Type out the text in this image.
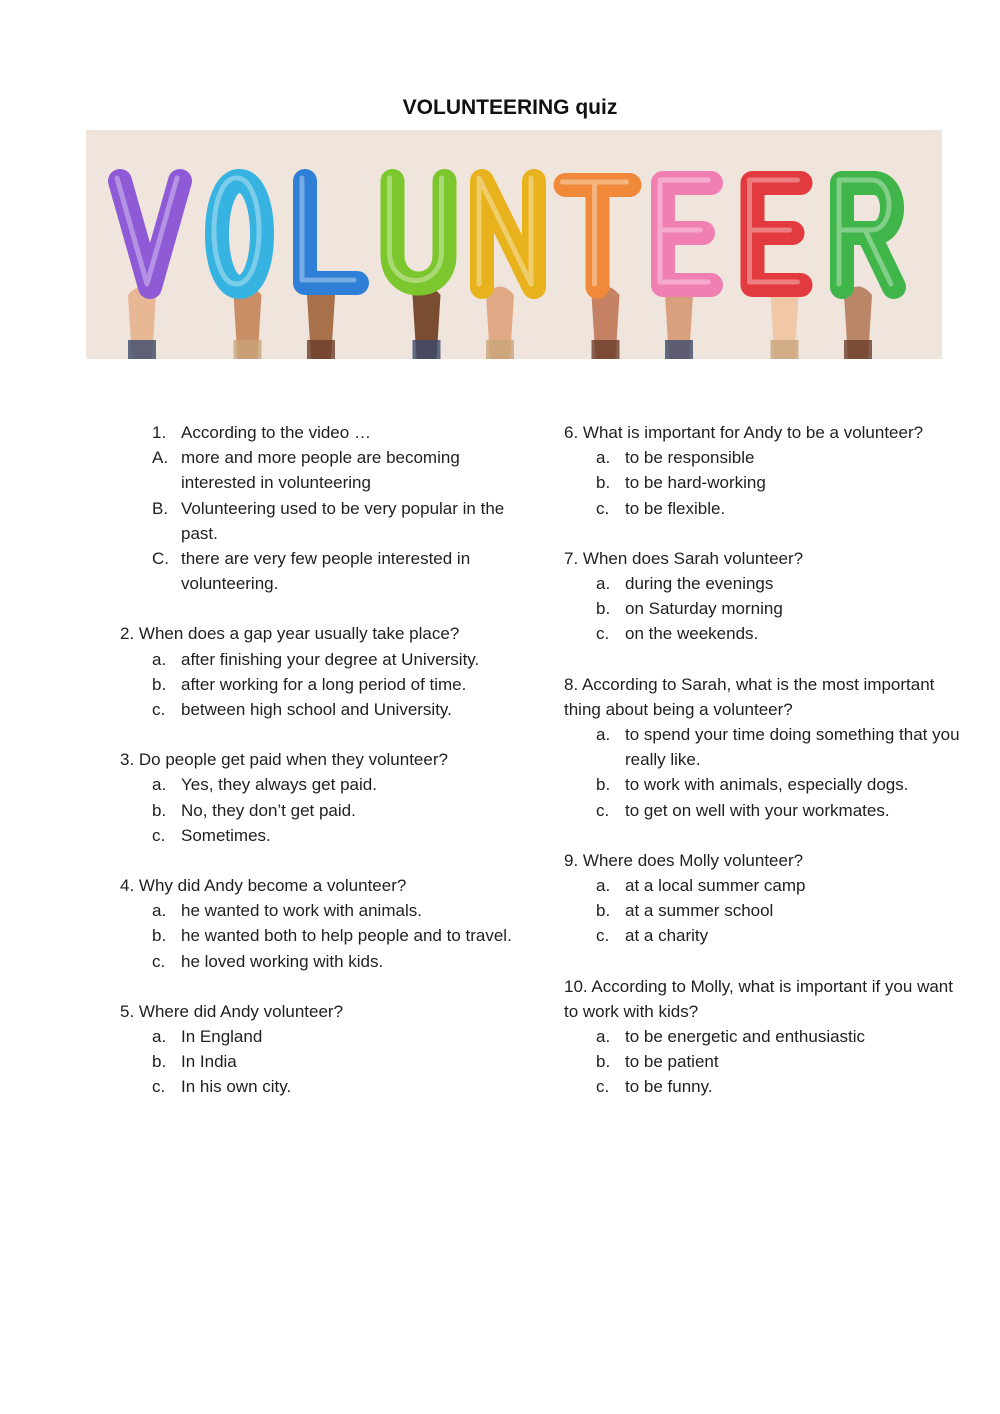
VOLUNTEERING quiz
1. According to the video …
A. more and more people are becoming interested in volunteering
B. Volunteering used to be very popular in the past.
C. there are very few people interested in volunteering.
2. When does a gap year usually take place?
a. after finishing your degree at University.
b. after working for a long period of time.
c. between high school and University.
3. Do people get paid when they volunteer?
a. Yes, they always get paid.
b. No, they don’t get paid.
c. Sometimes.
4. Why did Andy become a volunteer?
a. he wanted to work with animals.
b. he wanted both to help people and to travel.
c. he loved working with kids.
5. Where did Andy volunteer?
a. In England
b. In India
c. In his own city.
6. What is important for Andy to be a volunteer?
a. to be responsible
b. to be hard-working
c. to be flexible.
7. When does Sarah volunteer?
a. during the evenings
b. on Saturday morning
c. on the weekends.
8. According to Sarah, what is the most important thing about being a volunteer?
a. to spend your time doing something that you really like.
b. to work with animals, especially dogs.
c. to get on well with your workmates.
9. Where does Molly volunteer?
a. at a local summer camp
b. at a summer school
c. at a charity
10. According to Molly, what is important if you want to work with kids?
a. to be energetic and enthusiastic
b. to be patient
c. to be funny.
